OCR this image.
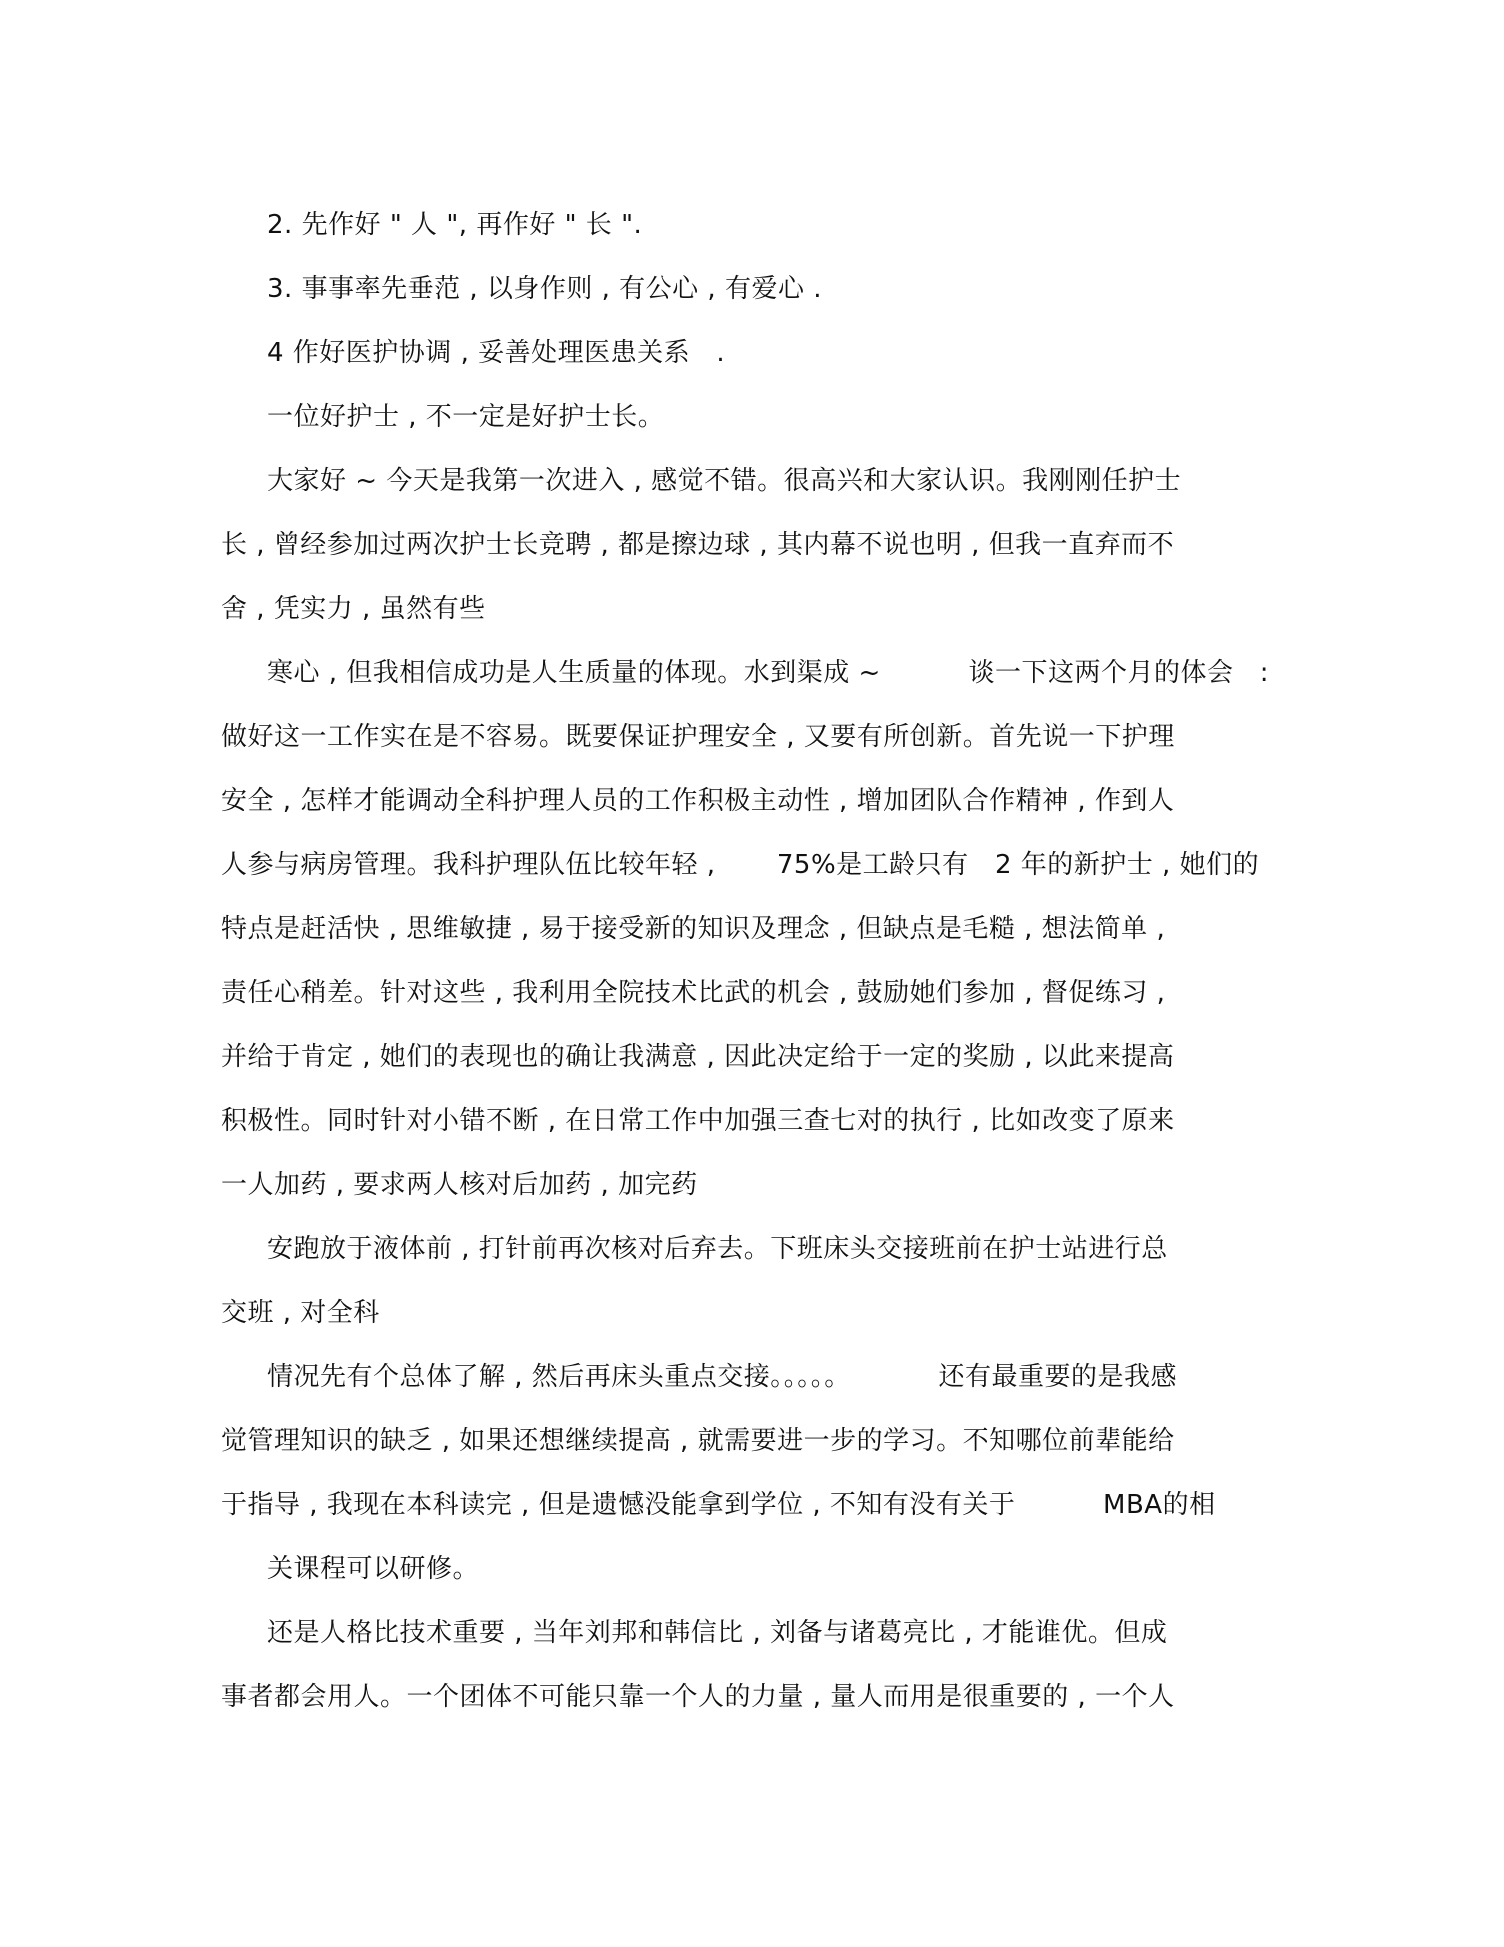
2. 先作好 " 人 ", 再作好 " 长 ".
3. 事事率先垂范 , 以身作则 , 有公心 , 有爱心 .
4 作好医护协调 , 妥善处理医患关系   .
一位好护士 , 不一定是好护士长。
大家好 ~ 今天是我第一次进入 , 感觉不错。很高兴和大家认识。我刚刚任护士
长 , 曾经参加过两次护士长竞聘 , 都是擦边球 , 其内幕不说也明 , 但我一直弃而不
舍 , 凭实力 , 虽然有些
寒心 , 但我相信成功是人生质量的体现。水到渠成 ~          谈一下这两个月的体会   :
做好这一工作实在是不容易。既要保证护理安全 , 又要有所创新。首先说一下护理
安全 , 怎样才能调动全科护理人员的工作积极主动性 , 增加团队合作精神 , 作到人
人参与病房管理。我科护理队伍比较年轻 ,       75%是工龄只有   2 年的新护士 , 她们的
特点是赶活快 , 思维敏捷 , 易于接受新的知识及理念 , 但缺点是毛糙 , 想法简单 ,
责任心稍差。针对这些 , 我利用全院技术比武的机会 , 鼓励她们参加 , 督促练习 ,
并给于肯定 , 她们的表现也的确让我满意 , 因此决定给于一定的奖励 , 以此来提高
积极性。同时针对小错不断 , 在日常工作中加强三查七对的执行 , 比如改变了原来
一人加药 , 要求两人核对后加药 , 加完药
安跑放于液体前 , 打针前再次核对后弃去。下班床头交接班前在护士站进行总
交班 , 对全科
情况先有个总体了解 , 然后再床头重点交接。。。。。          还有最重要的是我感
觉管理知识的缺乏 , 如果还想继续提高 , 就需要进一步的学习。不知哪位前辈能给
于指导 , 我现在本科读完 , 但是遗憾没能拿到学位 , 不知有没有关于          MBA的相
关课程可以研修。
还是人格比技术重要 , 当年刘邦和韩信比 , 刘备与诸葛亮比 , 才能谁优。但成
事者都会用人。一个团体不可能只靠一个人的力量 , 量人而用是很重要的 , 一个人
